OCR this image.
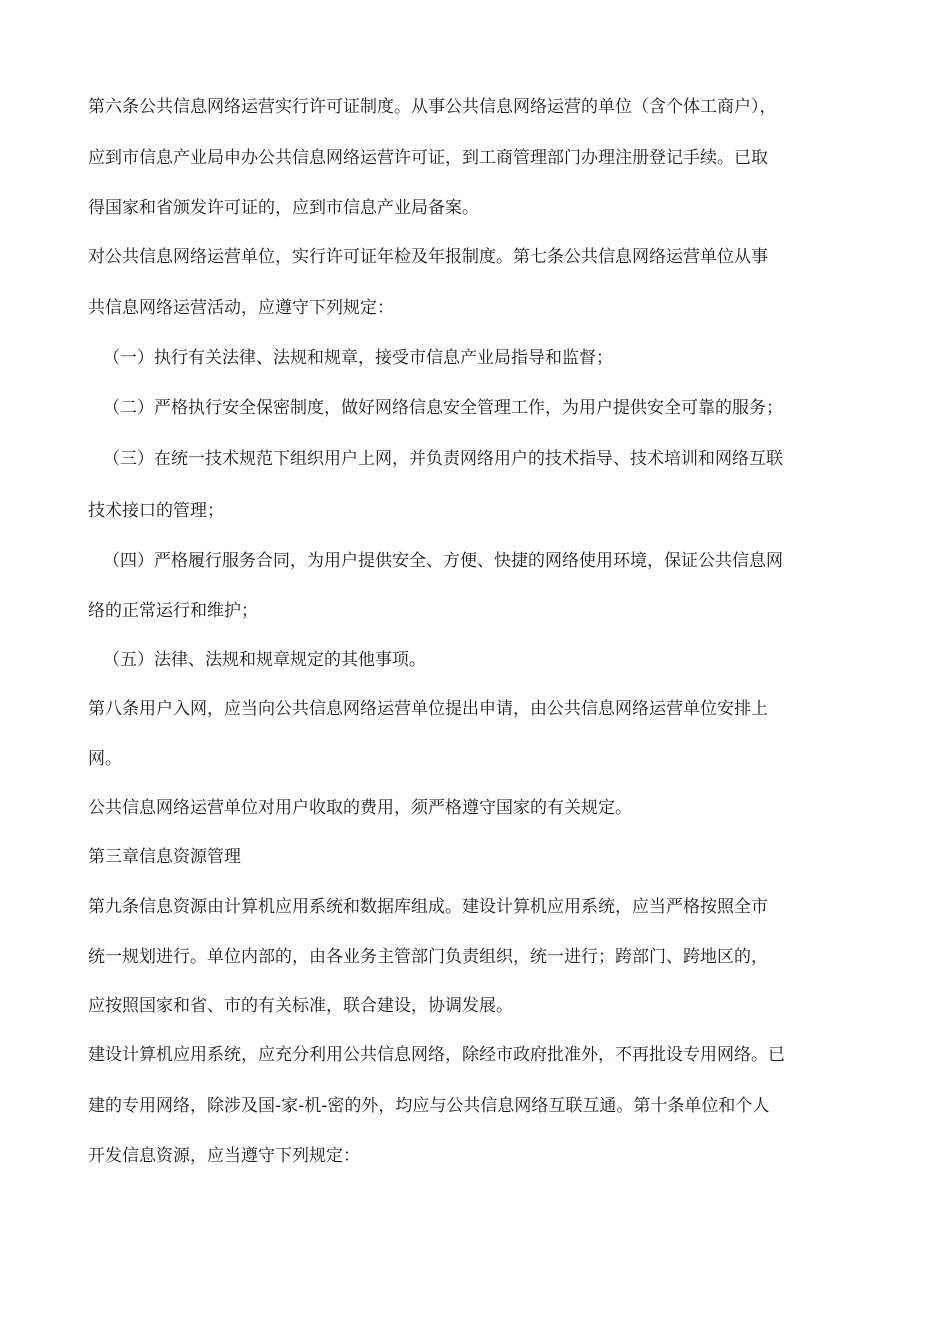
第六条公共信息网络运营实行许可证制度。从事公共信息网络运营的单位（含个体工商户），
应到市信息产业局申办公共信息网络运营许可证，到工商管理部门办理注册登记手续。已取
得国家和省颁发许可证的，应到市信息产业局备案。
对公共信息网络运营单位，实行许可证年检及年报制度。第七条公共信息网络运营单位从事
共信息网络运营活动，应遵守下列规定：
（一）执行有关法律、法规和规章，接受市信息产业局指导和监督；
（二）严格执行安全保密制度，做好网络信息安全管理工作，为用户提供安全可靠的服务；
（三）在统一技术规范下组织用户上网，并负责网络用户的技术指导、技术培训和网络互联
技术接口的管理；
（四）严格履行服务合同，为用户提供安全、方便、快捷的网络使用环境，保证公共信息网
络的正常运行和维护；
（五）法律、法规和规章规定的其他事项。
第八条用户入网，应当向公共信息网络运营单位提出申请，由公共信息网络运营单位安排上
网。
公共信息网络运营单位对用户收取的费用，须严格遵守国家的有关规定。
第三章信息资源管理
第九条信息资源由计算机应用系统和数据库组成。建设计算机应用系统，应当严格按照全市
统一规划进行。单位内部的，由各业务主管部门负责组织，统一进行；跨部门、跨地区的，
应按照国家和省、市的有关标准，联合建设，协调发展。
建设计算机应用系统，应充分利用公共信息网络，除经市政府批准外，不再批设专用网络。已
建的专用网络，除涉及国-家-机-密的外，均应与公共信息网络互联互通。第十条单位和个人
开发信息资源，应当遵守下列规定：
